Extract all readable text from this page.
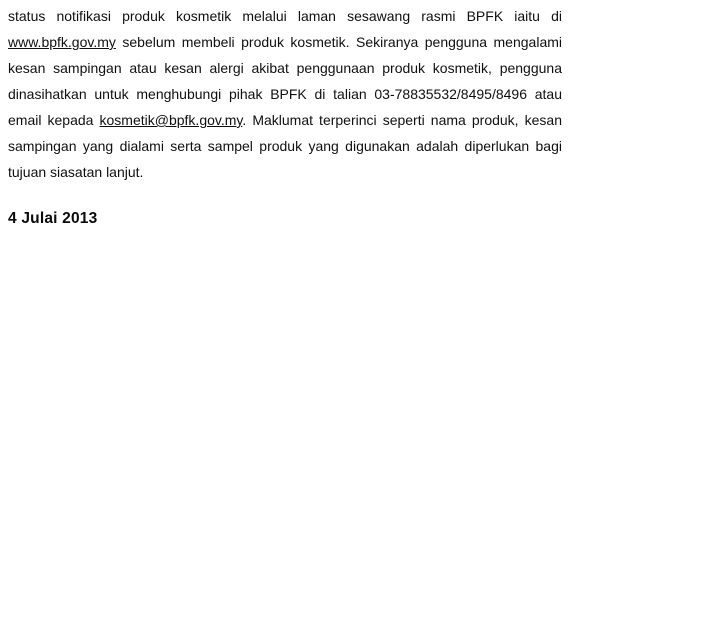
status notifikasi produk kosmetik melalui laman sesawang rasmi BPFK iaitu di
www.bpfk.gov.my sebelum membeli produk kosmetik. Sekiranya pengguna mengalami
kesan sampingan atau kesan alergi akibat penggunaan produk kosmetik, pengguna
dinasihatkan untuk menghubungi pihak BPFK di talian 03-78835532/8495/8496 atau
email kepada kosmetik@bpfk.gov.my. Maklumat terperinci seperti nama produk, kesan
sampingan yang dialami serta sampel produk yang digunakan adalah diperlukan bagi
tujuan siasatan lanjut.
4 Julai 2013
